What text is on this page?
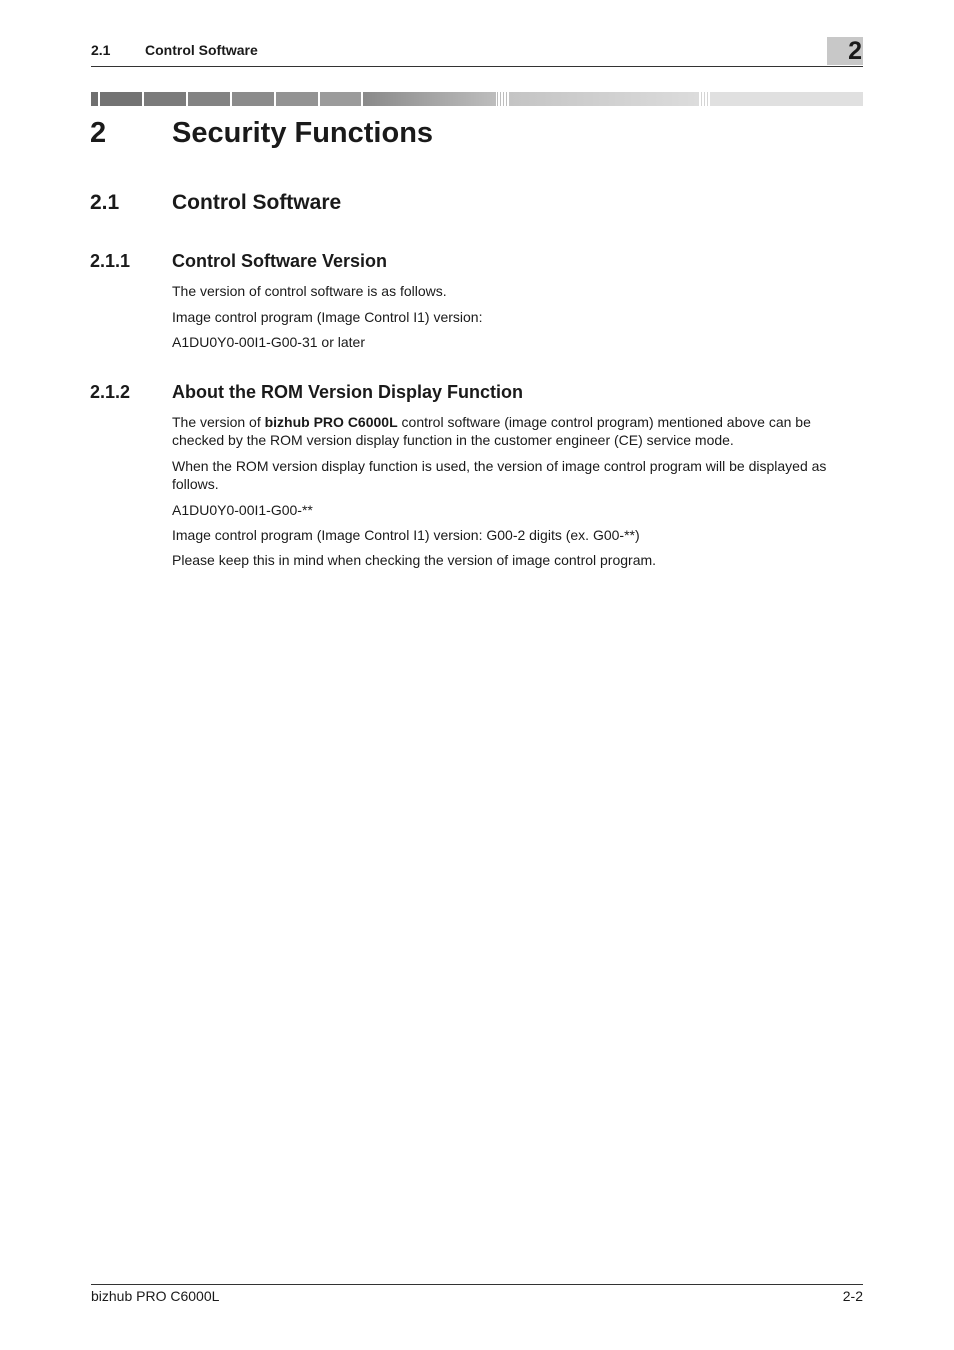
2.1 Control Software	2
2 Security Functions
2.1	Control Software
2.1.1 Control Software Version
The version of control software is as follows.
Image control program (Image Control I1) version:
A1DU0Y0-00I1-G00-31 or later
2.1.2 About the ROM Version Display Function
The version of bizhub PRO C6000L control software (image control program) mentioned above can be checked by the ROM version display function in the customer engineer (CE) service mode.
When the ROM version display function is used, the version of image control program will be displayed as follows.
A1DU0Y0-00I1-G00-**
Image control program (Image Control I1) version: G00-2 digits (ex. G00-**)
Please keep this in mind when checking the version of image control program.
bizhub PRO C6000L	2-2
